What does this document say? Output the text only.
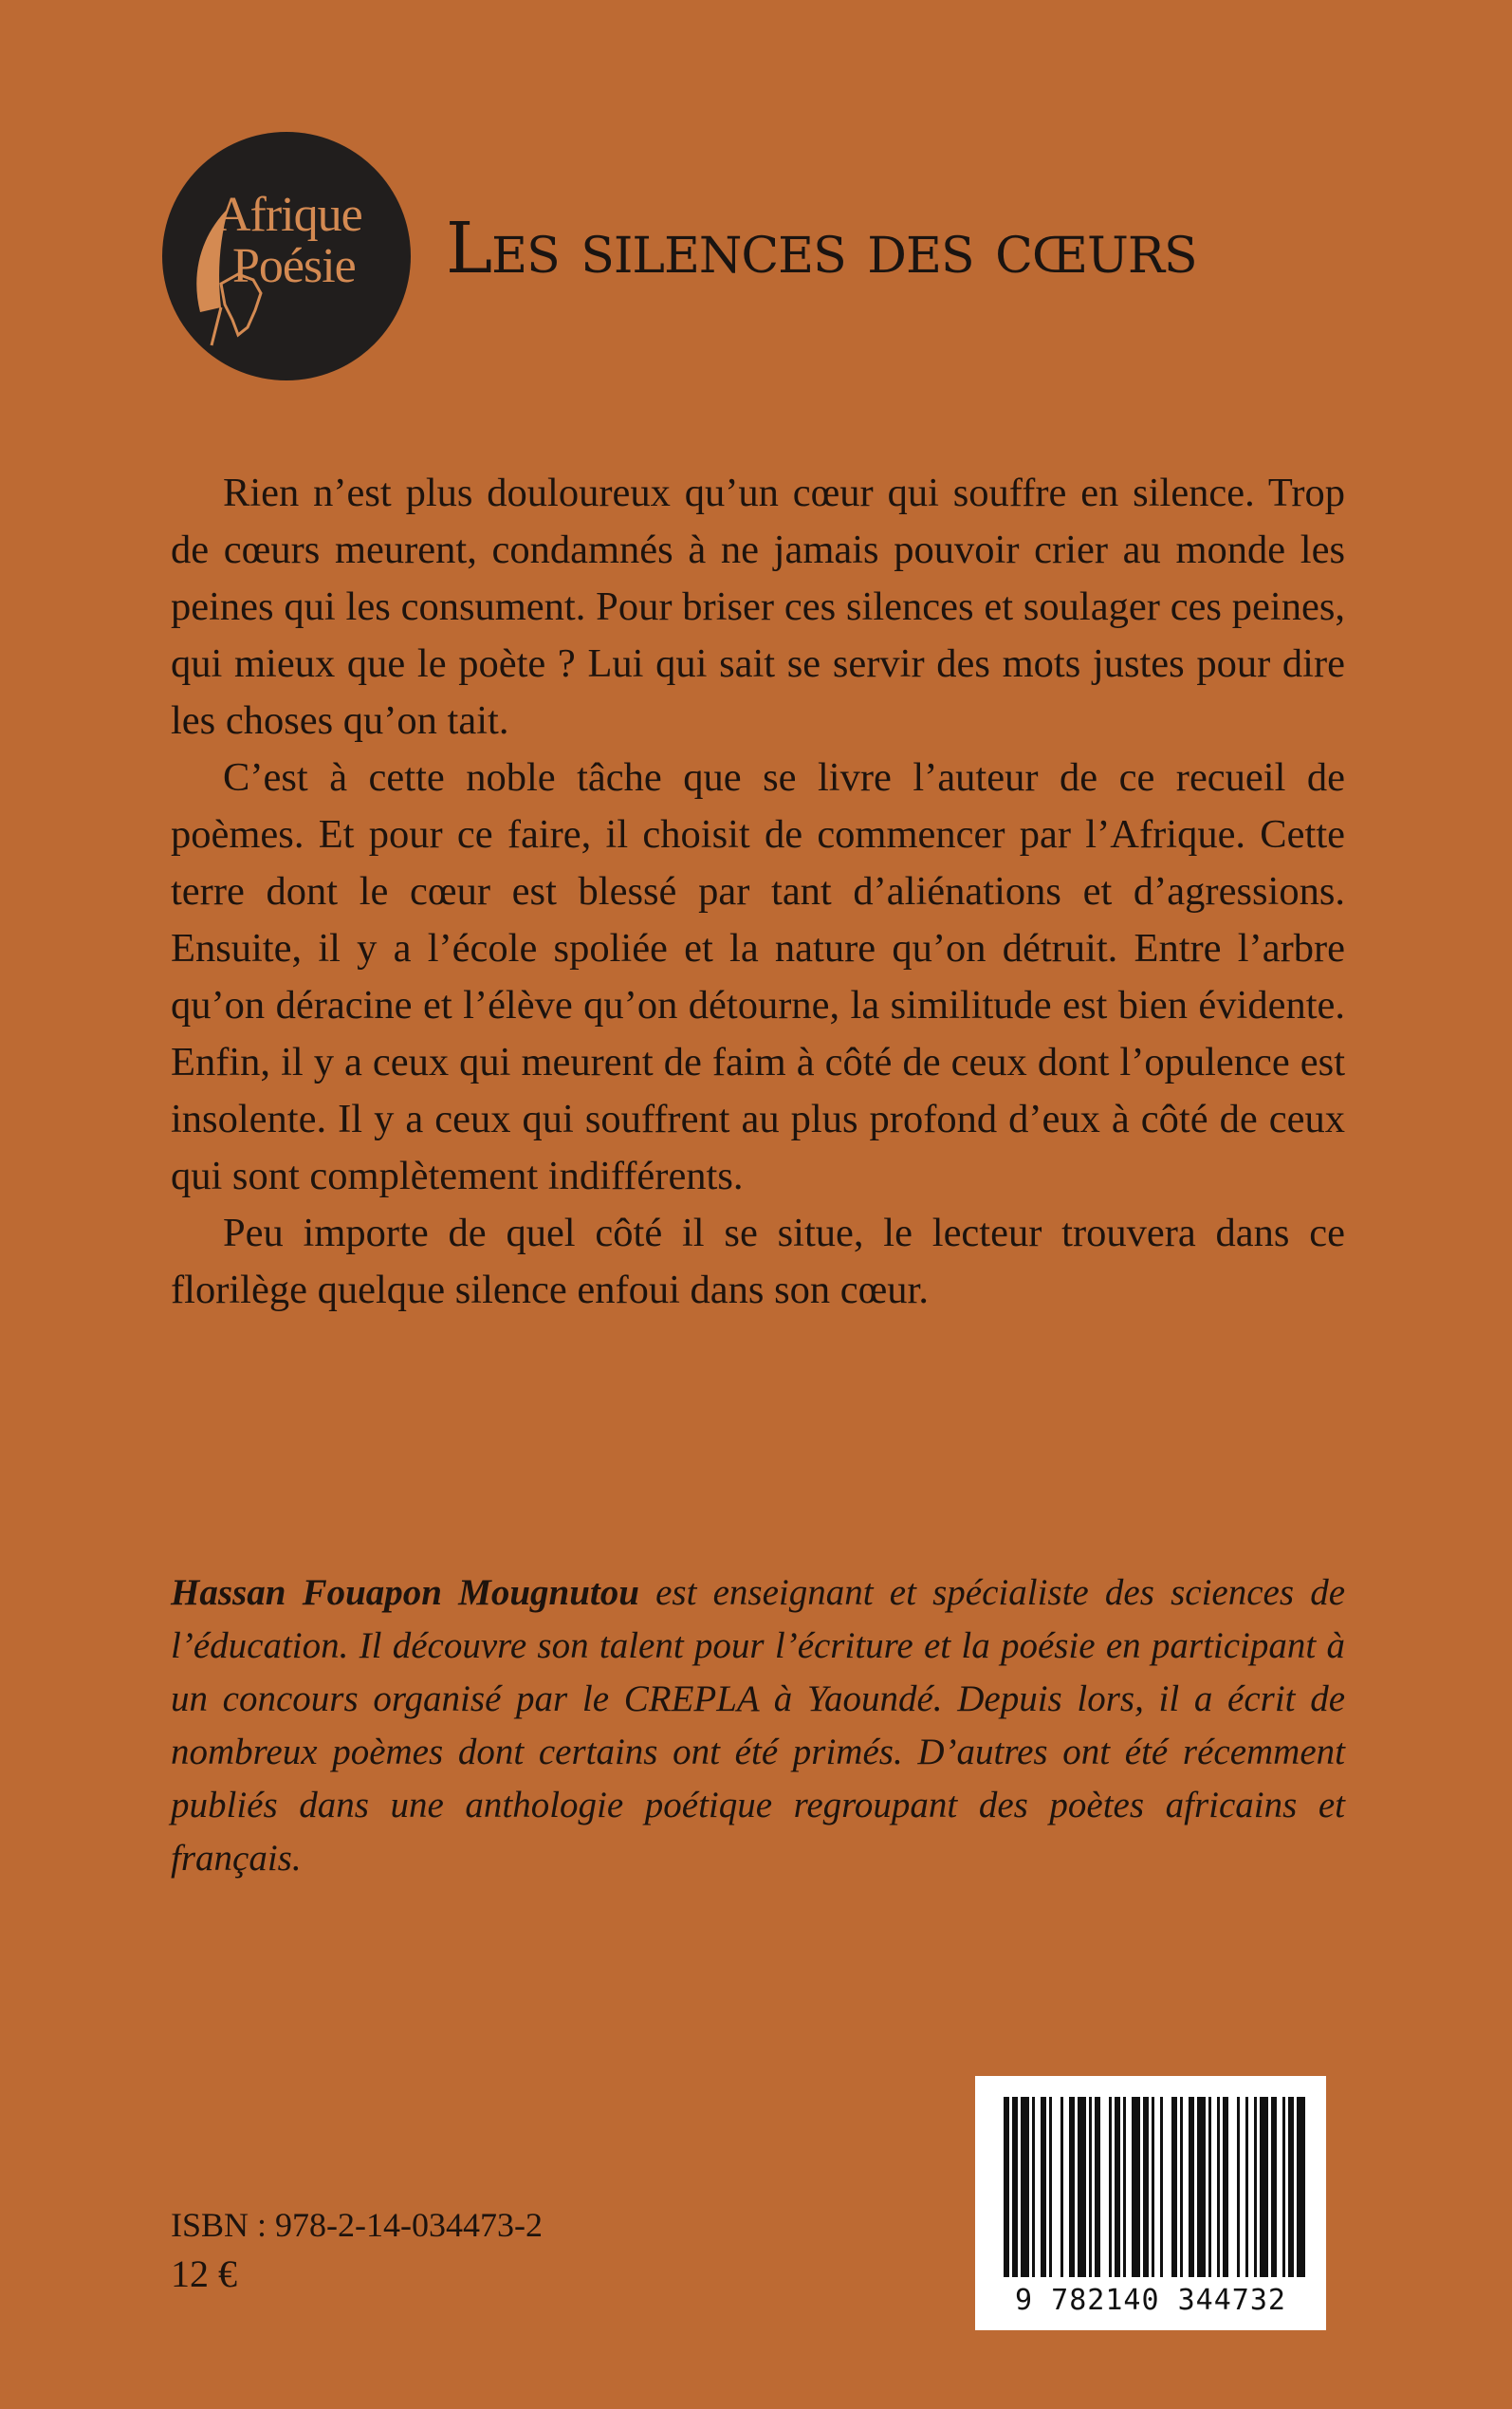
Afrique
Poésie Les silences des cœurs

Rien n’est plus douloureux qu’un cœur qui souffre en silence. Trop de cœurs meurent, condamnés à ne jamais pouvoir crier au monde les peines qui les consument. Pour briser ces silences et soulager ces peines, qui mieux que le poète ? Lui qui sait se servir des mots justes pour dire les choses qu’on tait.

C’est à cette noble tâche que se livre l’auteur de ce recueil de poèmes. Et pour ce faire, il choisit de commencer par l’Afrique. Cette terre dont le cœur est blessé par tant d’aliénations et d’agressions. Ensuite, il y a l’école spoliée et la nature qu’on détruit. Entre l’arbre qu’on déracine et l’élève qu’on détourne, la similitude est bien évidente. Enfin, il y a ceux qui meurent de faim à côté de ceux dont l’opulence est insolente. Il y a ceux qui souffrent au plus profond d’eux à côté de ceux qui sont complètement indifférents.

Peu importe de quel côté il se situe, le lecteur trouvera dans ce florilège quelque silence enfoui dans son cœur.

Hassan Fouapon Mougnutou est enseignant et spécialiste des sciences de l’éducation. Il découvre son talent pour l’écriture et la poésie en participant à un concours organisé par le CREPLA à Yaoundé. Depuis lors, il a écrit de nombreux poèmes dont certains ont été primés. D’autres ont été récemment publiés dans une anthologie poétique regroupant des poètes africains et français.

ISBN : 978-2-14-034473-2

12 €

9 782140 344732
